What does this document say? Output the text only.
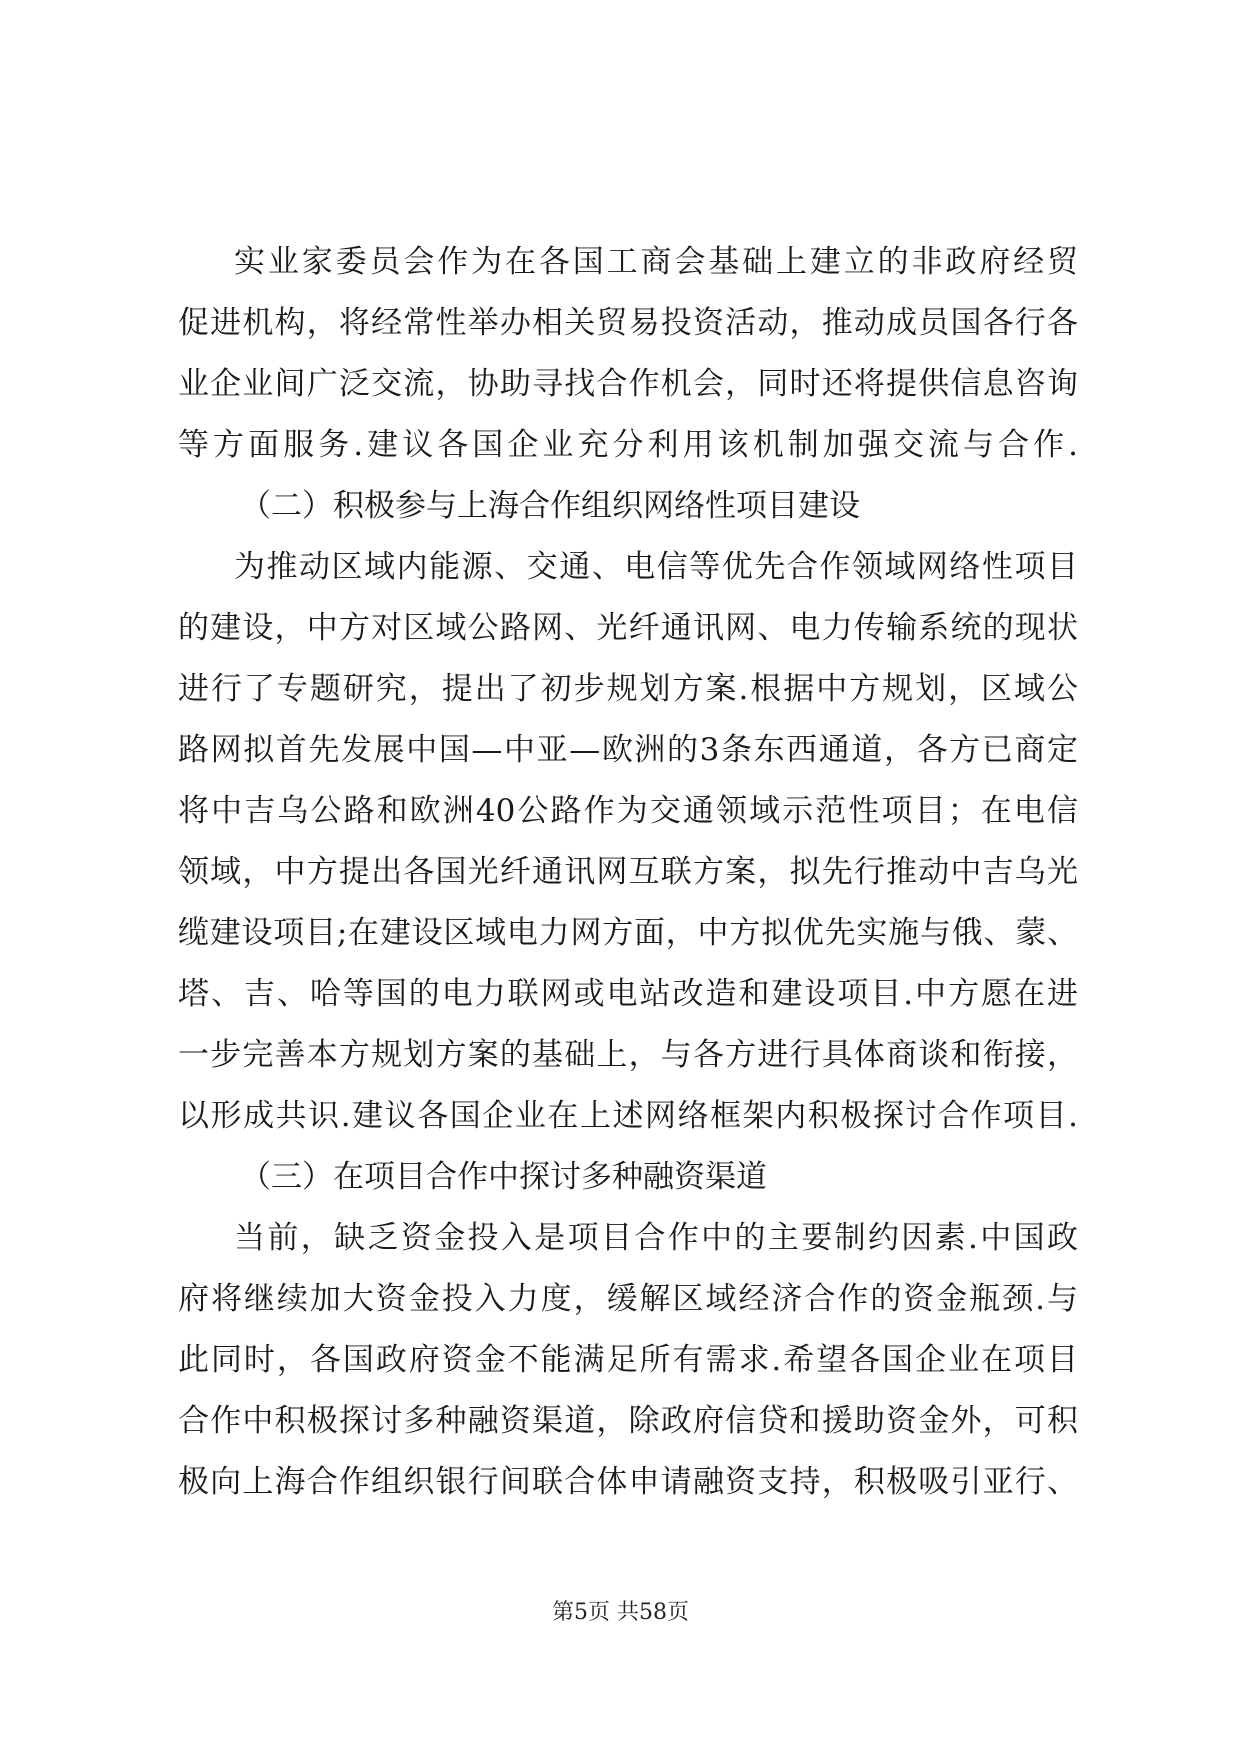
实业家委员会作为在各国工商会基础上建立的非政府经贸
促进机构，将经常性举办相关贸易投资活动，推动成员国各行各
业企业间广泛交流，协助寻找合作机会，同时还将提供信息咨询
等方面服务.建议各国企业充分利用该机制加强交流与合作.
（二）积极参与上海合作组织网络性项目建设
为推动区域内能源、交通、电信等优先合作领域网络性项目
的建设，中方对区域公路网、光纤通讯网、电力传输系统的现状
进行了专题研究，提出了初步规划方案.根据中方规划，区域公
路网拟首先发展中国—中亚—欧洲的3条东西通道，各方已商定
将中吉乌公路和欧洲40公路作为交通领域示范性项目；在电信
领域，中方提出各国光纤通讯网互联方案，拟先行推动中吉乌光
缆建设项目;在建设区域电力网方面，中方拟优先实施与俄、蒙、
塔、吉、哈等国的电力联网或电站改造和建设项目.中方愿在进
一步完善本方规划方案的基础上，与各方进行具体商谈和衔接，
以形成共识.建议各国企业在上述网络框架内积极探讨合作项目.
（三）在项目合作中探讨多种融资渠道
当前，缺乏资金投入是项目合作中的主要制约因素.中国政
府将继续加大资金投入力度，缓解区域经济合作的资金瓶颈.与
此同时，各国政府资金不能满足所有需求.希望各国企业在项目
合作中积极探讨多种融资渠道，除政府信贷和援助资金外，可积
极向上海合作组织银行间联合体申请融资支持，积极吸引亚行、
第5页 共58页
